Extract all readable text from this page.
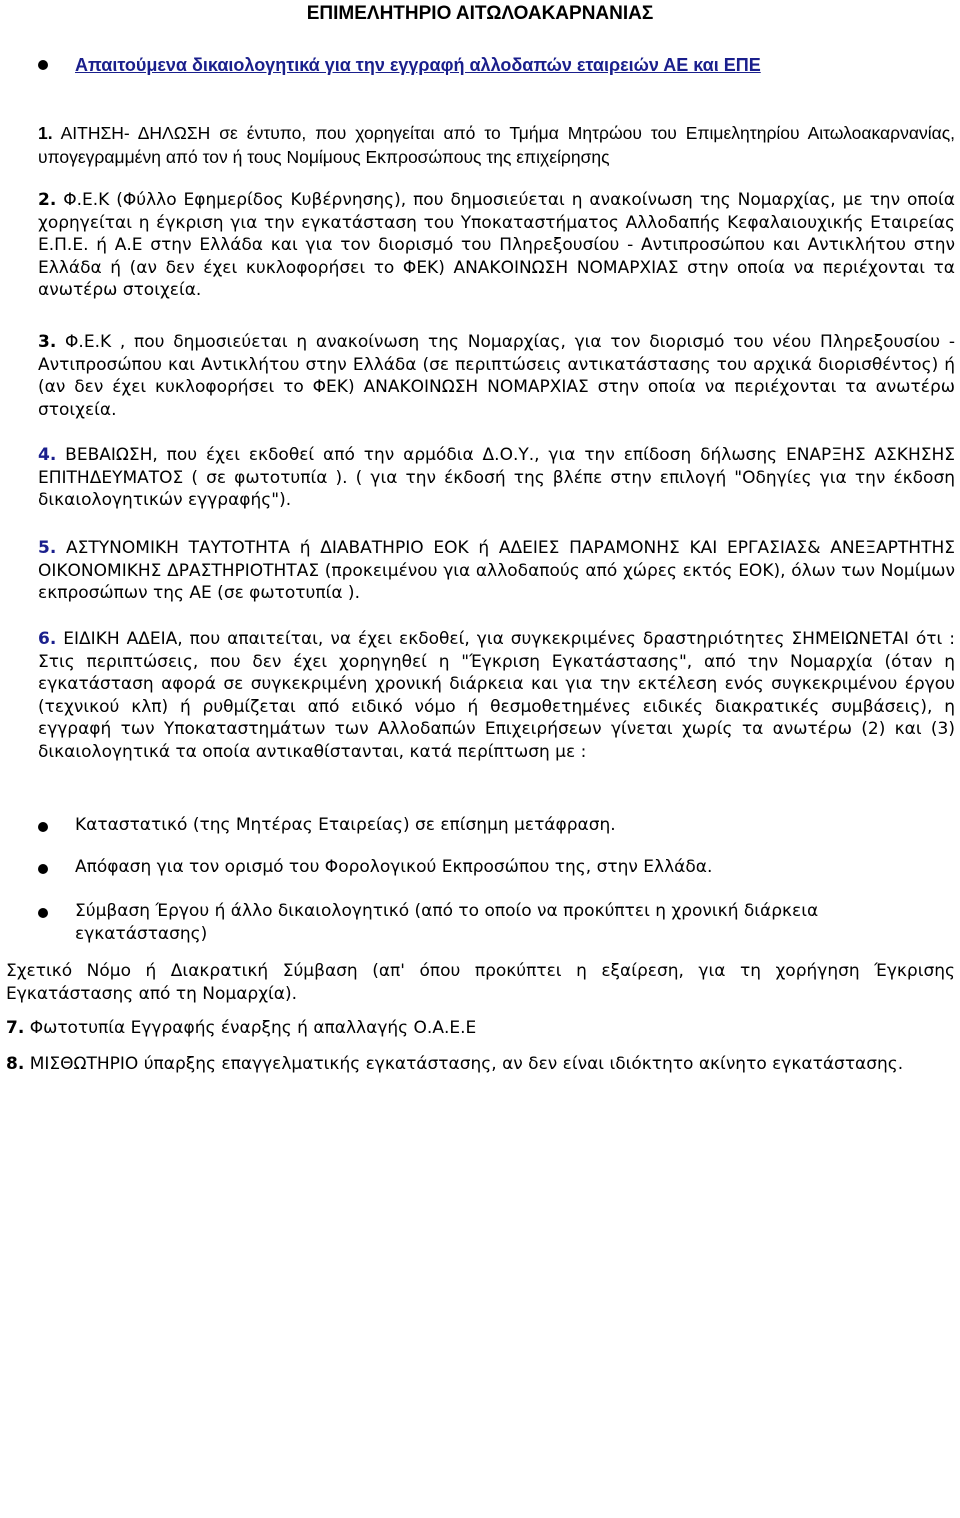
ΕΠΙΜΕΛΗΤΗΡΙΟ ΑΙΤΩΛΟΑΚΑΡΝΑΝΙΑΣ
Απαιτούμενα δικαιολογητικά για την εγγραφή αλλοδαπών εταιρειών ΑΕ και ΕΠΕ

1. ΑΙΤΗΣΗ- ΔΗΛΩΣΗ σε έντυπο, που χορηγείται από το Τμήμα Μητρώου του Επιμελητηρίου Αιτωλοακαρνανίας, υπογεγραμμένη από τον ή τους Νομίμους Εκπροσώπους της επιχείρησης

2. Φ.Ε.Κ (Φύλλο Εφημερίδος Κυβέρνησης), που δημοσιεύεται η ανακοίνωση της Νομαρχίας, με την οποία χορηγείται η έγκριση για την εγκατάσταση του Υποκαταστήματος Αλλοδαπής Κεφαλαιουχικής Εταιρείας Ε.Π.Ε. ή Α.Ε στην Ελλάδα και για τον διορισμό του Πληρεξουσίου - Αντιπροσώπου και Αντικλήτου στην Ελλάδα ή (αν δεν έχει κυκλοφορήσει το ΦΕΚ) ΑΝΑΚΟΙΝΩΣΗ ΝΟΜΑΡΧΙΑΣ στην οποία να περιέχονται τα ανωτέρω στοιχεία.

3. Φ.Ε.Κ , που δημοσιεύεται η ανακοίνωση της Νομαρχίας, για τον διορισμό του νέου Πληρεξουσίου - Αντιπροσώπου και Αντικλήτου στην Ελλάδα (σε περιπτώσεις αντικατάστασης του αρχικά διορισθέντος) ή (αν δεν έχει κυκλοφορήσει το ΦΕΚ) ΑΝΑΚΟΙΝΩΣΗ ΝΟΜΑΡΧΙΑΣ στην οποία να περιέχονται τα ανωτέρω στοιχεία.

4. ΒΕΒΑΙΩΣΗ, που έχει εκδοθεί από την αρμόδια Δ.Ο.Υ., για την επίδοση δήλωσης ΕΝΑΡΞΗΣ ΑΣΚΗΣΗΣ ΕΠΙΤΗΔΕΥΜΑΤΟΣ ( σε φωτοτυπία ). ( για την έκδοσή της βλέπε στην επιλογή "Οδηγίες για την έκδοση δικαιολογητικών εγγραφής").

5. ΑΣΤΥΝΟΜΙΚΗ ΤΑΥΤΟΤΗΤΑ ή ΔΙΑΒΑΤΗΡΙΟ ΕΟΚ ή ΑΔΕΙΕΣ ΠΑΡΑΜΟΝΗΣ ΚΑΙ ΕΡΓΑΣΙΑΣ& ΑΝΕΞΑΡΤΗΤΗΣ ΟΙΚΟΝΟΜΙΚΗΣ ΔΡΑΣΤΗΡΙΟΤΗΤΑΣ (προκειμένου για αλλοδαπούς από χώρες εκτός ΕΟΚ), όλων των Νομίμων εκπροσώπων της ΑΕ (σε φωτοτυπία ).

6. ΕΙΔΙΚΗ ΑΔΕΙΑ, που απαιτείται, να έχει εκδοθεί, για συγκεκριμένες δραστηριότητες ΣΗΜΕΙΩΝΕΤΑΙ ότι : Στις περιπτώσεις, που δεν έχει χορηγηθεί η "Έγκριση Εγκατάστασης", από την Νομαρχία (όταν η εγκατάσταση αφορά σε συγκεκριμένη χρονική διάρκεια και για την εκτέλεση ενός συγκεκριμένου έργου (τεχνικού κλπ) ή ρυθμίζεται από ειδικό νόμο ή θεσμοθετημένες ειδικές διακρατικές συμβάσεις), η εγγραφή των Υποκαταστημάτων των Αλλοδαπών Επιχειρήσεων γίνεται χωρίς τα ανωτέρω (2) και (3) δικαιολογητικά τα οποία αντικαθίστανται, κατά περίπτωση με :

Καταστατικό (της Μητέρας Εταιρείας) σε επίσημη μετάφραση.

Απόφαση για τον ορισμό του Φορολογικού Εκπροσώπου της, στην Ελλάδα.

Σύμβαση Έργου ή άλλο δικαιολογητικό (από το οποίο να προκύπτει η χρονική διάρκεια εγκατάστασης)

Σχετικό Νόμο ή Διακρατική Σύμβαση (απ' όπου προκύπτει η εξαίρεση, για τη χορήγηση Έγκρισης Εγκατάστασης από τη Νομαρχία).

7. Φωτοτυπία Εγγραφής έναρξης ή απαλλαγής Ο.Α.Ε.Ε

8. ΜΙΣΘΩΤΗΡΙΟ ύπαρξης επαγγελματικής εγκατάστασης, αν δεν είναι ιδιόκτητο ακίνητο εγκατάστασης.
